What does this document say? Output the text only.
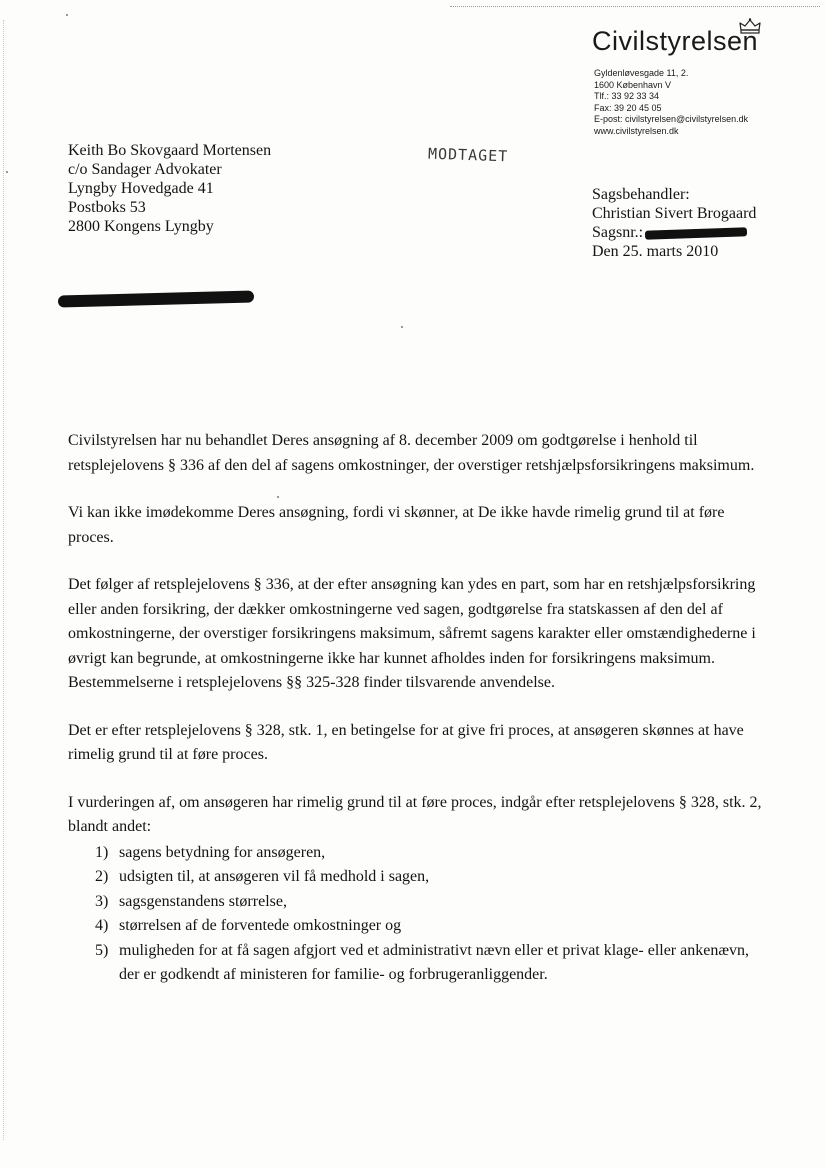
Civilstyrelsen
Gyldenløvesgade 11, 2.
1600 København V
Tlf.: 33 92 33 34
Fax: 39 20 45 05
E-post: civilstyrelsen@civilstyrelsen.dk
www.civilstyrelsen.dk
Keith Bo Skovgaard Mortensen
c/o Sandager Advokater
Lyngby Hovedgade 41
Postboks 53
2800 Kongens Lyngby
MODTAGET
Sagsbehandler:
Christian Sivert Brogaard
Sagsnr.:
Den 25. marts 2010

Civilstyrelsen har nu behandlet Deres ansøgning af 8. december 2009 om godtgørelse i henhold til retsplejelovens § 336 af den del af sagens omkostninger, der overstiger retshjælpsforsikringens maksimum.

Vi kan ikke imødekomme Deres ansøgning, fordi vi skønner, at De ikke havde rimelig grund til at føre proces.

Det følger af retsplejelovens § 336, at der efter ansøgning kan ydes en part, som har en retshjælpsforsikring eller anden forsikring, der dækker omkostningerne ved sagen, godtgørelse fra statskassen af den del af omkostningerne, der overstiger forsikringens maksimum, såfremt sagens karakter eller omstændighederne i øvrigt kan begrunde, at omkostningerne ikke har kunnet afholdes inden for forsikringens maksimum. Bestemmelserne i retsplejelovens §§ 325-328 finder tilsvarende anvendelse.

Det er efter retsplejelovens § 328, stk. 1, en betingelse for at give fri proces, at ansøgeren skønnes at have rimelig grund til at føre proces.

I vurderingen af, om ansøgeren har rimelig grund til at føre proces, indgår efter retsplejelovens § 328, stk. 2, blandt andet:

1) sagens betydning for ansøgeren,
2) udsigten til, at ansøgeren vil få medhold i sagen,
3) sagsgenstandens størrelse,
4) størrelsen af de forventede omkostninger og
5) muligheden for at få sagen afgjort ved et administrativt nævn eller et privat klage- eller ankenævn, der er godkendt af ministeren for familie- og forbrugeranliggender.
